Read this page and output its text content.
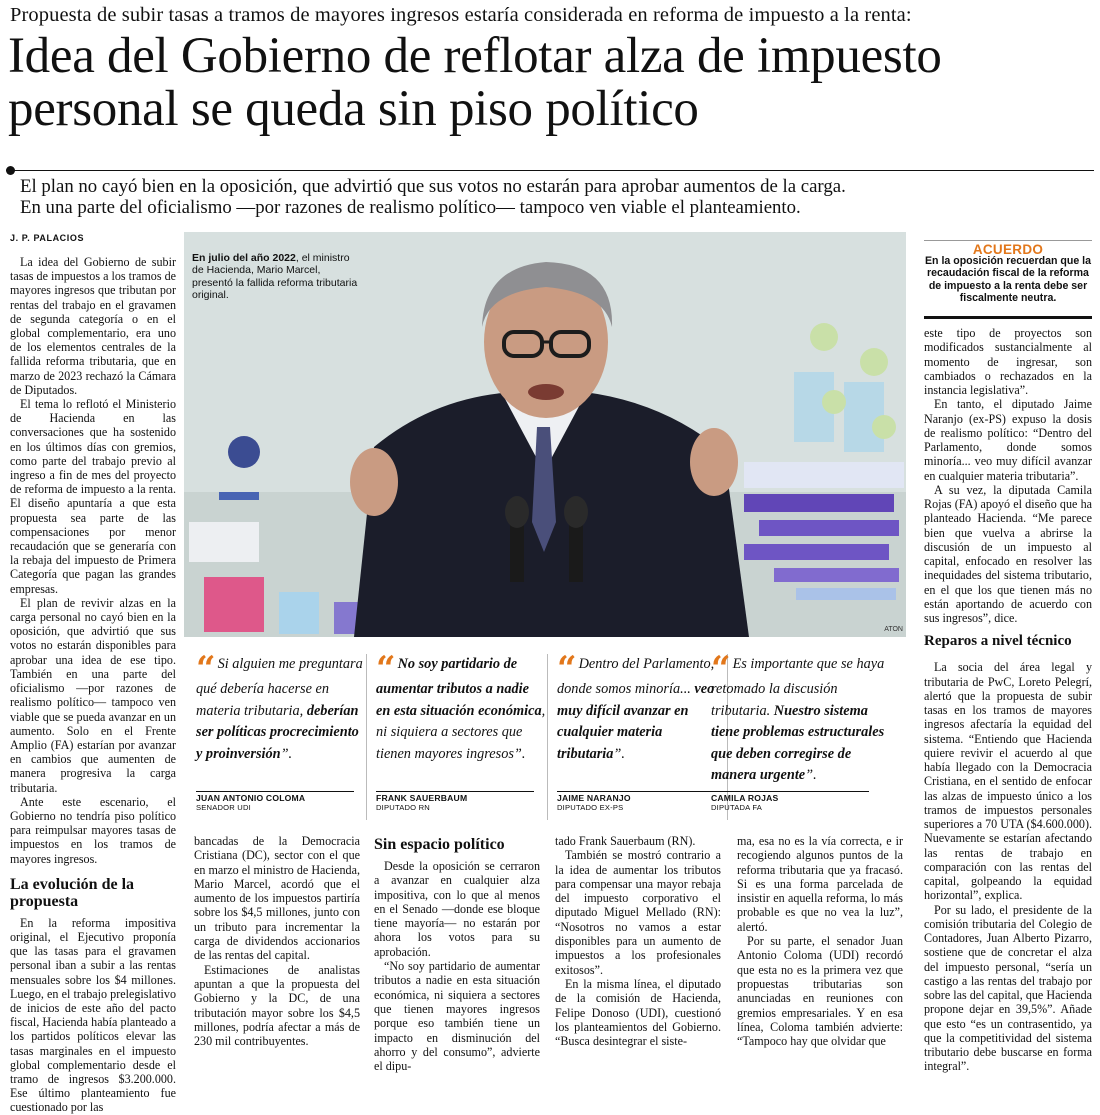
Propuesta de subir tasas a tramos de mayores ingresos estaría considerada en reforma de impuesto a la renta:
Idea del Gobierno de reflotar alza de impuesto personal se queda sin piso político
El plan no cayó bien en la oposición, que advirtió que sus votos no estarán para aprobar aumentos de la carga.
En una parte del oficialismo —por razones de realismo político— tampoco ven viable el planteamiento.
J. P. PALACIOS

La idea del Gobierno de subir tasas de impuestos a los tramos de mayores ingresos que tributan por rentas del trabajo en el gravamen de segunda categoría o en el global complementario, era uno de los elementos centrales de la fallida reforma tributaria, que en marzo de 2023 rechazó la Cámara de Diputados.

El tema lo reflotó el Ministerio de Hacienda en las conversaciones que ha sostenido en los últimos días con gremios, como parte del trabajo previo al ingreso a fin de mes del proyecto de reforma de impuesto a la renta. El diseño apuntaría a que esta propuesta sea parte de las compensaciones por menor recaudación que se generaría con la rebaja del impuesto de Primera Categoría que pagan las grandes empresas.

El plan de revivir alzas en la carga personal no cayó bien en la oposición, que advirtió que sus votos no estarán disponibles para aprobar una idea de ese tipo. También en una parte del oficialismo —por razones de realismo político— tampoco ven viable que se pueda avanzar en un aumento. Solo en el Frente Amplio (FA) estarían por avanzar en cambios que aumenten de manera progresiva la carga tributaria.

Ante este escenario, el Gobierno no tendría piso político para reimpulsar mayores tasas de impuestos en los tramos de mayores ingresos.

La evolución de la propuesta

En la reforma impositiva original, el Ejecutivo proponía que las tasas para el gravamen personal iban a subir a las rentas mensuales sobre los $4 millones. Luego, en el trabajo prelegislativo de inicios de este año del pacto fiscal, Hacienda había planteado a los partidos políticos elevar las tasas marginales en el impuesto global complementario desde el tramo de ingresos $3.200.000. Ese último planteamiento fue cuestionado por las

En julio del año 2022, el ministro de Hacienda, Mario Marcel, presentó la fallida reforma tributaria original.
ATON
ACUERDO
En la oposición recuerdan que la recaudación fiscal de la reforma de impuesto a la renta debe ser fiscalmente neutra.

este tipo de proyectos son modificados sustancialmente al momento de ingresar, son cambiados o rechazados en la instancia legislativa”.

En tanto, el diputado Jaime Naranjo (ex-PS) expuso la dosis de realismo político: “Dentro del Parlamento, donde somos minoría... veo muy difícil avanzar en cualquier materia tributaria”.

A su vez, la diputada Camila Rojas (FA) apoyó el diseño que ha planteado Hacienda. “Me parece bien que vuelva a abrirse la discusión de un impuesto al capital, enfocado en resolver las inequidades del sistema tributario, en el que los que tienen más no están aportando de acuerdo con sus ingresos”, dice.

Reparos a nivel técnico

La socia del área legal y tributaria de PwC, Loreto Pelegrí, alertó que la propuesta de subir tasas en los tramos de mayores ingresos afectaría la equidad del sistema. “Entiendo que Hacienda quiere revivir el acuerdo al que había llegado con la Democracia Cristiana, en el sentido de enfocar las alzas de impuesto único a los tramos de impuestos personales superiores a 70 UTA ($4.600.000). Nuevamente se estarían afectando las rentas de trabajo en comparación con las rentas del capital, golpeando la equidad horizontal”, explica.

Por su lado, el presidente de la comisión tributaria del Colegio de Contadores, Juan Alberto Pizarro, sostiene que de concretar el alza del impuesto personal, “sería un castigo a las rentas del trabajo por sobre las del capital, que Hacienda propone dejar en 39,5%”. Añade que esto “es un contrasentido, ya que la competitividad del sistema tributario debe buscarse en forma integral”.

“ Si alguien me preguntara qué debería hacerse en materia tributaria, deberían ser políticas procrecimiento y proinversión”.
JUAN ANTONIO COLOMA
SENADOR UDI
“ No soy partidario de aumentar tributos a nadie en esta situación económica, ni siquiera a sectores que tienen mayores ingresos”.
FRANK SAUERBAUM
DIPUTADO RN
“ Dentro del Parlamento, donde somos minoría... veo muy difícil avanzar en cualquier materia tributaria”.
JAIME NARANJO
DIPUTADO EX-PS
“ Es importante que se haya retomado la discusión tributaria. Nuestro sistema tiene problemas estructurales que deben corregirse de manera urgente”.
CAMILA ROJAS
DIPUTADA FA

bancadas de la Democracia Cristiana (DC), sector con el que en marzo el ministro de Hacienda, Mario Marcel, acordó que el aumento de los impuestos partiría sobre los $4,5 millones, junto con un tributo para incrementar la carga de dividendos accionarios de las rentas del capital.

Estimaciones de analistas apuntan a que la propuesta del Gobierno y la DC, de una tributación mayor sobre los $4,5 millones, podría afectar a más de 230 mil contribuyentes.

Sin espacio político

Desde la oposición se cerraron a avanzar en cualquier alza impositiva, con lo que al menos en el Senado —donde ese bloque tiene mayoría— no estarán por ahora los votos para su aprobación.

“No soy partidario de aumentar tributos a nadie en esta situación económica, ni siquiera a sectores que tienen mayores ingresos porque eso también tiene un impacto en disminución del ahorro y del consumo”, advierte el dipu-

tado Frank Sauerbaum (RN).

También se mostró contrario a la idea de aumentar los tributos para compensar una mayor rebaja del impuesto corporativo el diputado Miguel Mellado (RN): “Nosotros no vamos a estar disponibles para un aumento de impuestos a los profesionales exitosos”.

En la misma línea, el diputado de la comisión de Hacienda, Felipe Donoso (UDI), cuestionó los planteamientos del Gobierno. “Busca desintegrar el siste-

ma, esa no es la vía correcta, e ir recogiendo algunos puntos de la reforma tributaria que ya fracasó. Si es una forma parcelada de insistir en aquella reforma, lo más probable es que no vea la luz”, alertó.

Por su parte, el senador Juan Antonio Coloma (UDI) recordó que esta no es la primera vez que propuestas tributarias son anunciadas en reuniones con gremios empresariales. Y en esa línea, Coloma también advierte: “Tampoco hay que olvidar que
